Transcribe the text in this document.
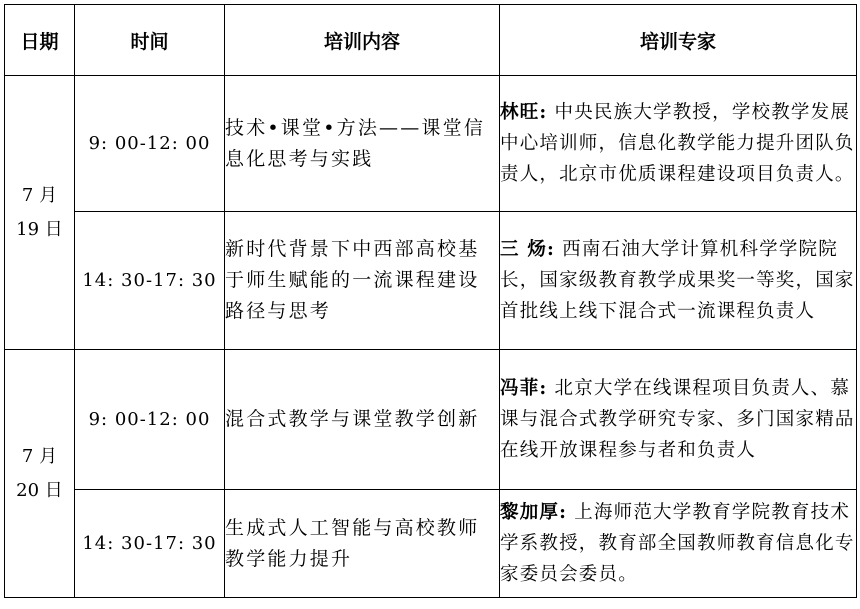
日期	时间	培训内容	培训专家

7 月
19 日	9: 00-12: 00	技术•课堂•方法——课堂信息化思考与实践	林旺: 中央民族大学教授，学校教学发展中心培训师，信息化教学能力提升团队负责人，北京市优质课程建设项目负责人。
	14: 30-17: 30	新时代背景下中西部高校基于师生赋能的一流课程建设路径与思考	三 炀: 西南石油大学计算机科学学院院长，国家级教育教学成果奖一等奖，国家首批线上线下混合式一流课程负责人

7 月
20 日	9: 00-12: 00	混合式教学与课堂教学创新	冯菲: 北京大学在线课程项目负责人、慕课与混合式教学研究专家、多门国家精品在线开放课程参与者和负责人
	14: 30-17: 30	生成式人工智能与高校教师教学能力提升	黎加厚: 上海师范大学教育学院教育技术学系教授，教育部全国教师教育信息化专家委员会委员。
